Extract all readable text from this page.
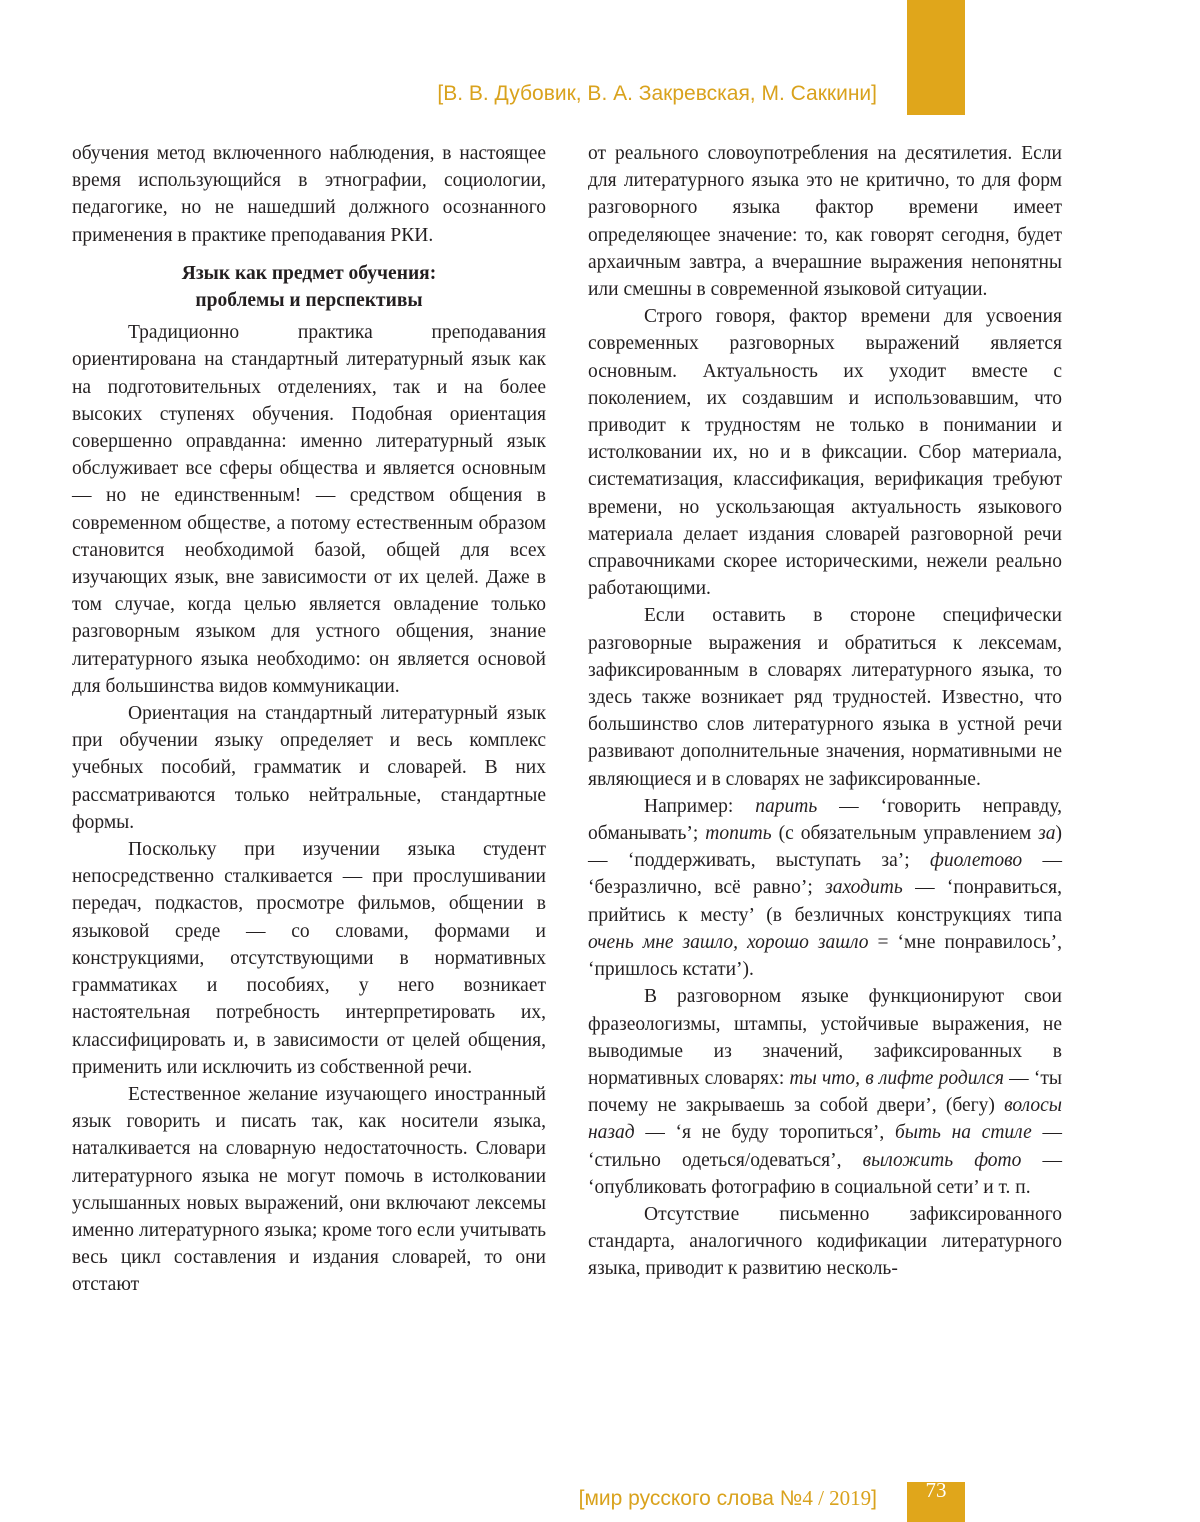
[В. В. Дубовик, В. А. Закревская, М. Саккини]

обучения метод включенного наблюдения, в настоящее время использующийся в этнографии, социологии, педагогике, но не нашедший должного осознанного применения в практике преподавания РКИ.

Язык как предмет обучения:
проблемы и перспективы

Традиционно практика преподавания ориентирована на стандартный литературный язык как на подготовительных отделениях, так и на более высоких ступенях обучения. Подобная ориентация совершенно оправданна: именно литературный язык обслуживает все сферы общества и является основным — но не единственным! — средством общения в современном обществе, а потому естественным образом становится необходимой базой, общей для всех изучающих язык, вне зависимости от их целей. Даже в том случае, когда целью является овладение только разговорным языком для устного общения, знание литературного языка необходимо: он является основой для большинства видов коммуникации.

Ориентация на стандартный литературный язык при обучении языку определяет и весь комплекс учебных пособий, грамматик и словарей. В них рассматриваются только нейтральные, стандартные формы.

Поскольку при изучении языка студент непосредственно сталкивается — при прослушивании передач, подкастов, просмотре фильмов, общении в языковой среде — со словами, формами и конструкциями, отсутствующими в нормативных грамматиках и пособиях, у него возникает настоятельная потребность интерпретировать их, классифицировать и, в зависимости от целей общения, применить или исключить из собственной речи.

Естественное желание изучающего иностранный язык говорить и писать так, как носители языка, наталкивается на словарную недостаточность. Словари литературного языка не могут помочь в истолковании услышанных новых выражений, они включают лексемы именно литературного языка; кроме того если учитывать весь цикл составления и издания словарей, то они отстают

от реального словоупотребления на десятилетия. Если для литературного языка это не критично, то для форм разговорного языка фактор времени имеет определяющее значение: то, как говорят сегодня, будет архаичным завтра, а вчерашние выражения непонятны или смешны в современной языковой ситуации.

Строго говоря, фактор времени для усвоения современных разговорных выражений является основным. Актуальность их уходит вместе с поколением, их создавшим и использовавшим, что приводит к трудностям не только в понимании и истолковании их, но и в фиксации. Сбор материала, систематизация, классификация, верификация требуют времени, но ускользающая актуальность языкового материала делает издания словарей разговорной речи справочниками скорее историческими, нежели реально работающими.

Если оставить в стороне специфически разговорные выражения и обратиться к лексемам, зафиксированным в словарях литературного языка, то здесь также возникает ряд трудностей. Известно, что большинство слов литературного языка в устной речи развивают дополнительные значения, нормативными не являющиеся и в словарях не зафиксированные.

Например: парить — ‘говорить неправду, обманывать’; топить (с обязательным управлением за) — ‘поддерживать, выступать за’; фиолетово — ‘безразлично, всё равно’; заходить — ‘понравиться, прийтись к месту’ (в безличных конструкциях типа очень мне зашло, хорошо зашло = ‘мне понравилось’, ‘пришлось кстати’).

В разговорном языке функционируют свои фразеологизмы, штампы, устойчивые выражения, не выводимые из значений, зафиксированных в нормативных словарях: ты что, в лифте родился — ‘ты почему не закрываешь за собой двери’, (бегу) волосы назад — ‘я не буду торопиться’, быть на стиле — ‘стильно одеться/одеваться’, выложить фото — ‘опубликовать фотографию в социальной сети’ и т. п.

Отсутствие письменно зафиксированного стандарта, аналогичного кодификации литературного языка, приводит к развитию несколь-

[мир русского слова №4 / 2019]	73
